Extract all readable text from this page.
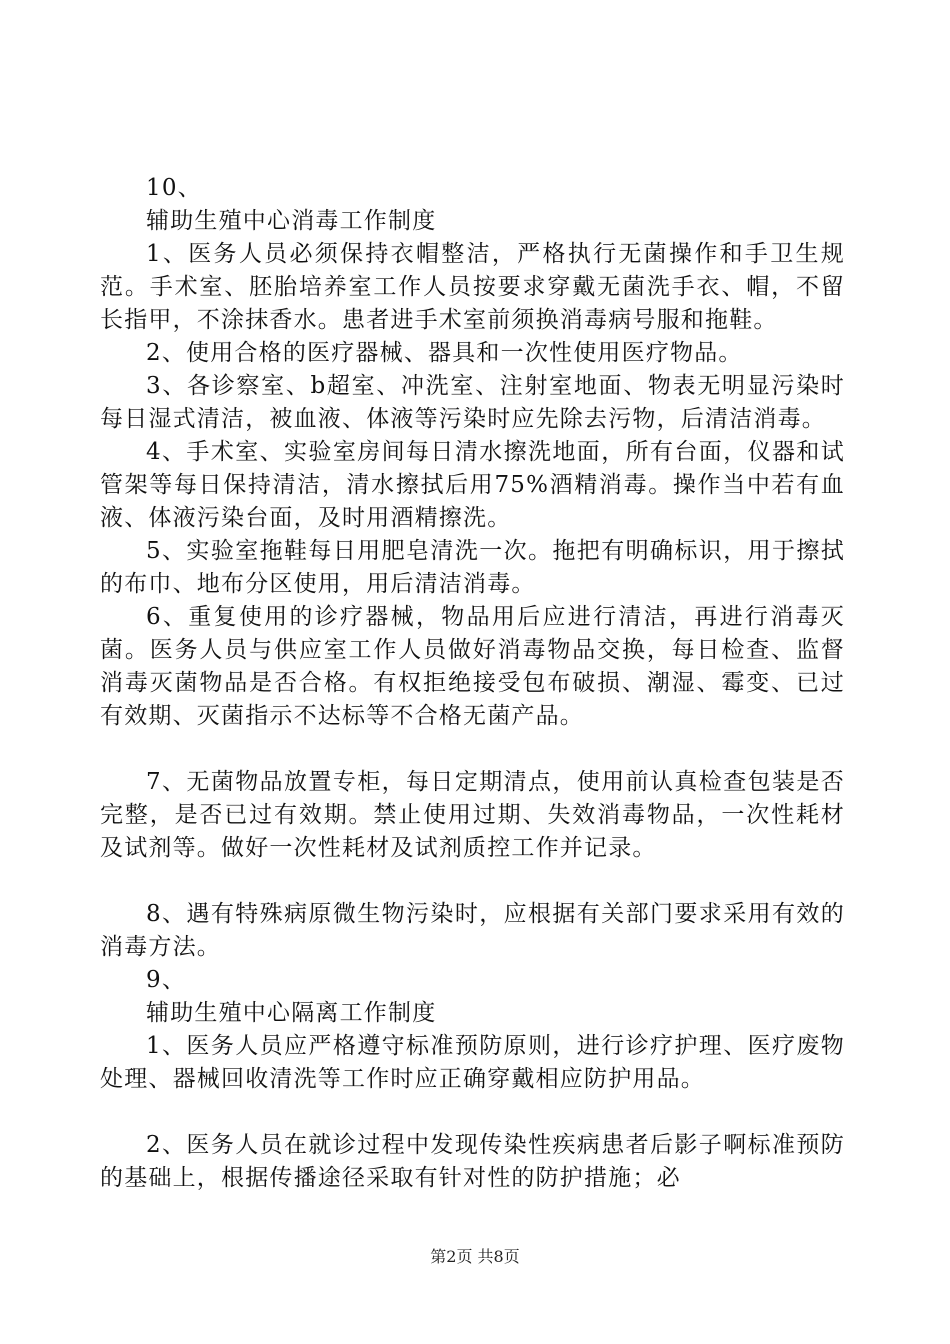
10、

辅助生殖中心消毒工作制度

1、医务人员必须保持衣帽整洁，严格执行无菌操作和手卫生规范。手术室、胚胎培养室工作人员按要求穿戴无菌洗手衣、帽，不留长指甲，不涂抹香水。患者进手术室前须换消毒病号服和拖鞋。

2、使用合格的医疗器械、器具和一次性使用医疗物品。

3、各诊察室、b超室、冲洗室、注射室地面、物表无明显污染时每日湿式清洁，被血液、体液等污染时应先除去污物，后清洁消毒。

4、手术室、实验室房间每日清水擦洗地面，所有台面，仪器和试管架等每日保持清洁，清水擦拭后用75%酒精消毒。操作当中若有血液、体液污染台面，及时用酒精擦洗。

5、实验室拖鞋每日用肥皂清洗一次。拖把有明确标识，用于擦拭的布巾、地布分区使用，用后清洁消毒。

6、重复使用的诊疗器械，物品用后应进行清洁，再进行消毒灭菌。医务人员与供应室工作人员做好消毒物品交换，每日检查、监督消毒灭菌物品是否合格。有权拒绝接受包布破损、潮湿、霉变、已过有效期、灭菌指示不达标等不合格无菌产品。

7、无菌物品放置专柜，每日定期清点，使用前认真检查包装是否完整，是否已过有效期。禁止使用过期、失效消毒物品，一次性耗材及试剂等。做好一次性耗材及试剂质控工作并记录。

8、遇有特殊病原微生物污染时，应根据有关部门要求采用有效的消毒方法。

9、

辅助生殖中心隔离工作制度

1、医务人员应严格遵守标准预防原则，进行诊疗护理、医疗废物处理、器械回收清洗等工作时应正确穿戴相应防护用品。

2、医务人员在就诊过程中发现传染性疾病患者后影子啊标准预防的基础上，根据传播途径采取有针对性的防护措施；必

第2页 共8页
